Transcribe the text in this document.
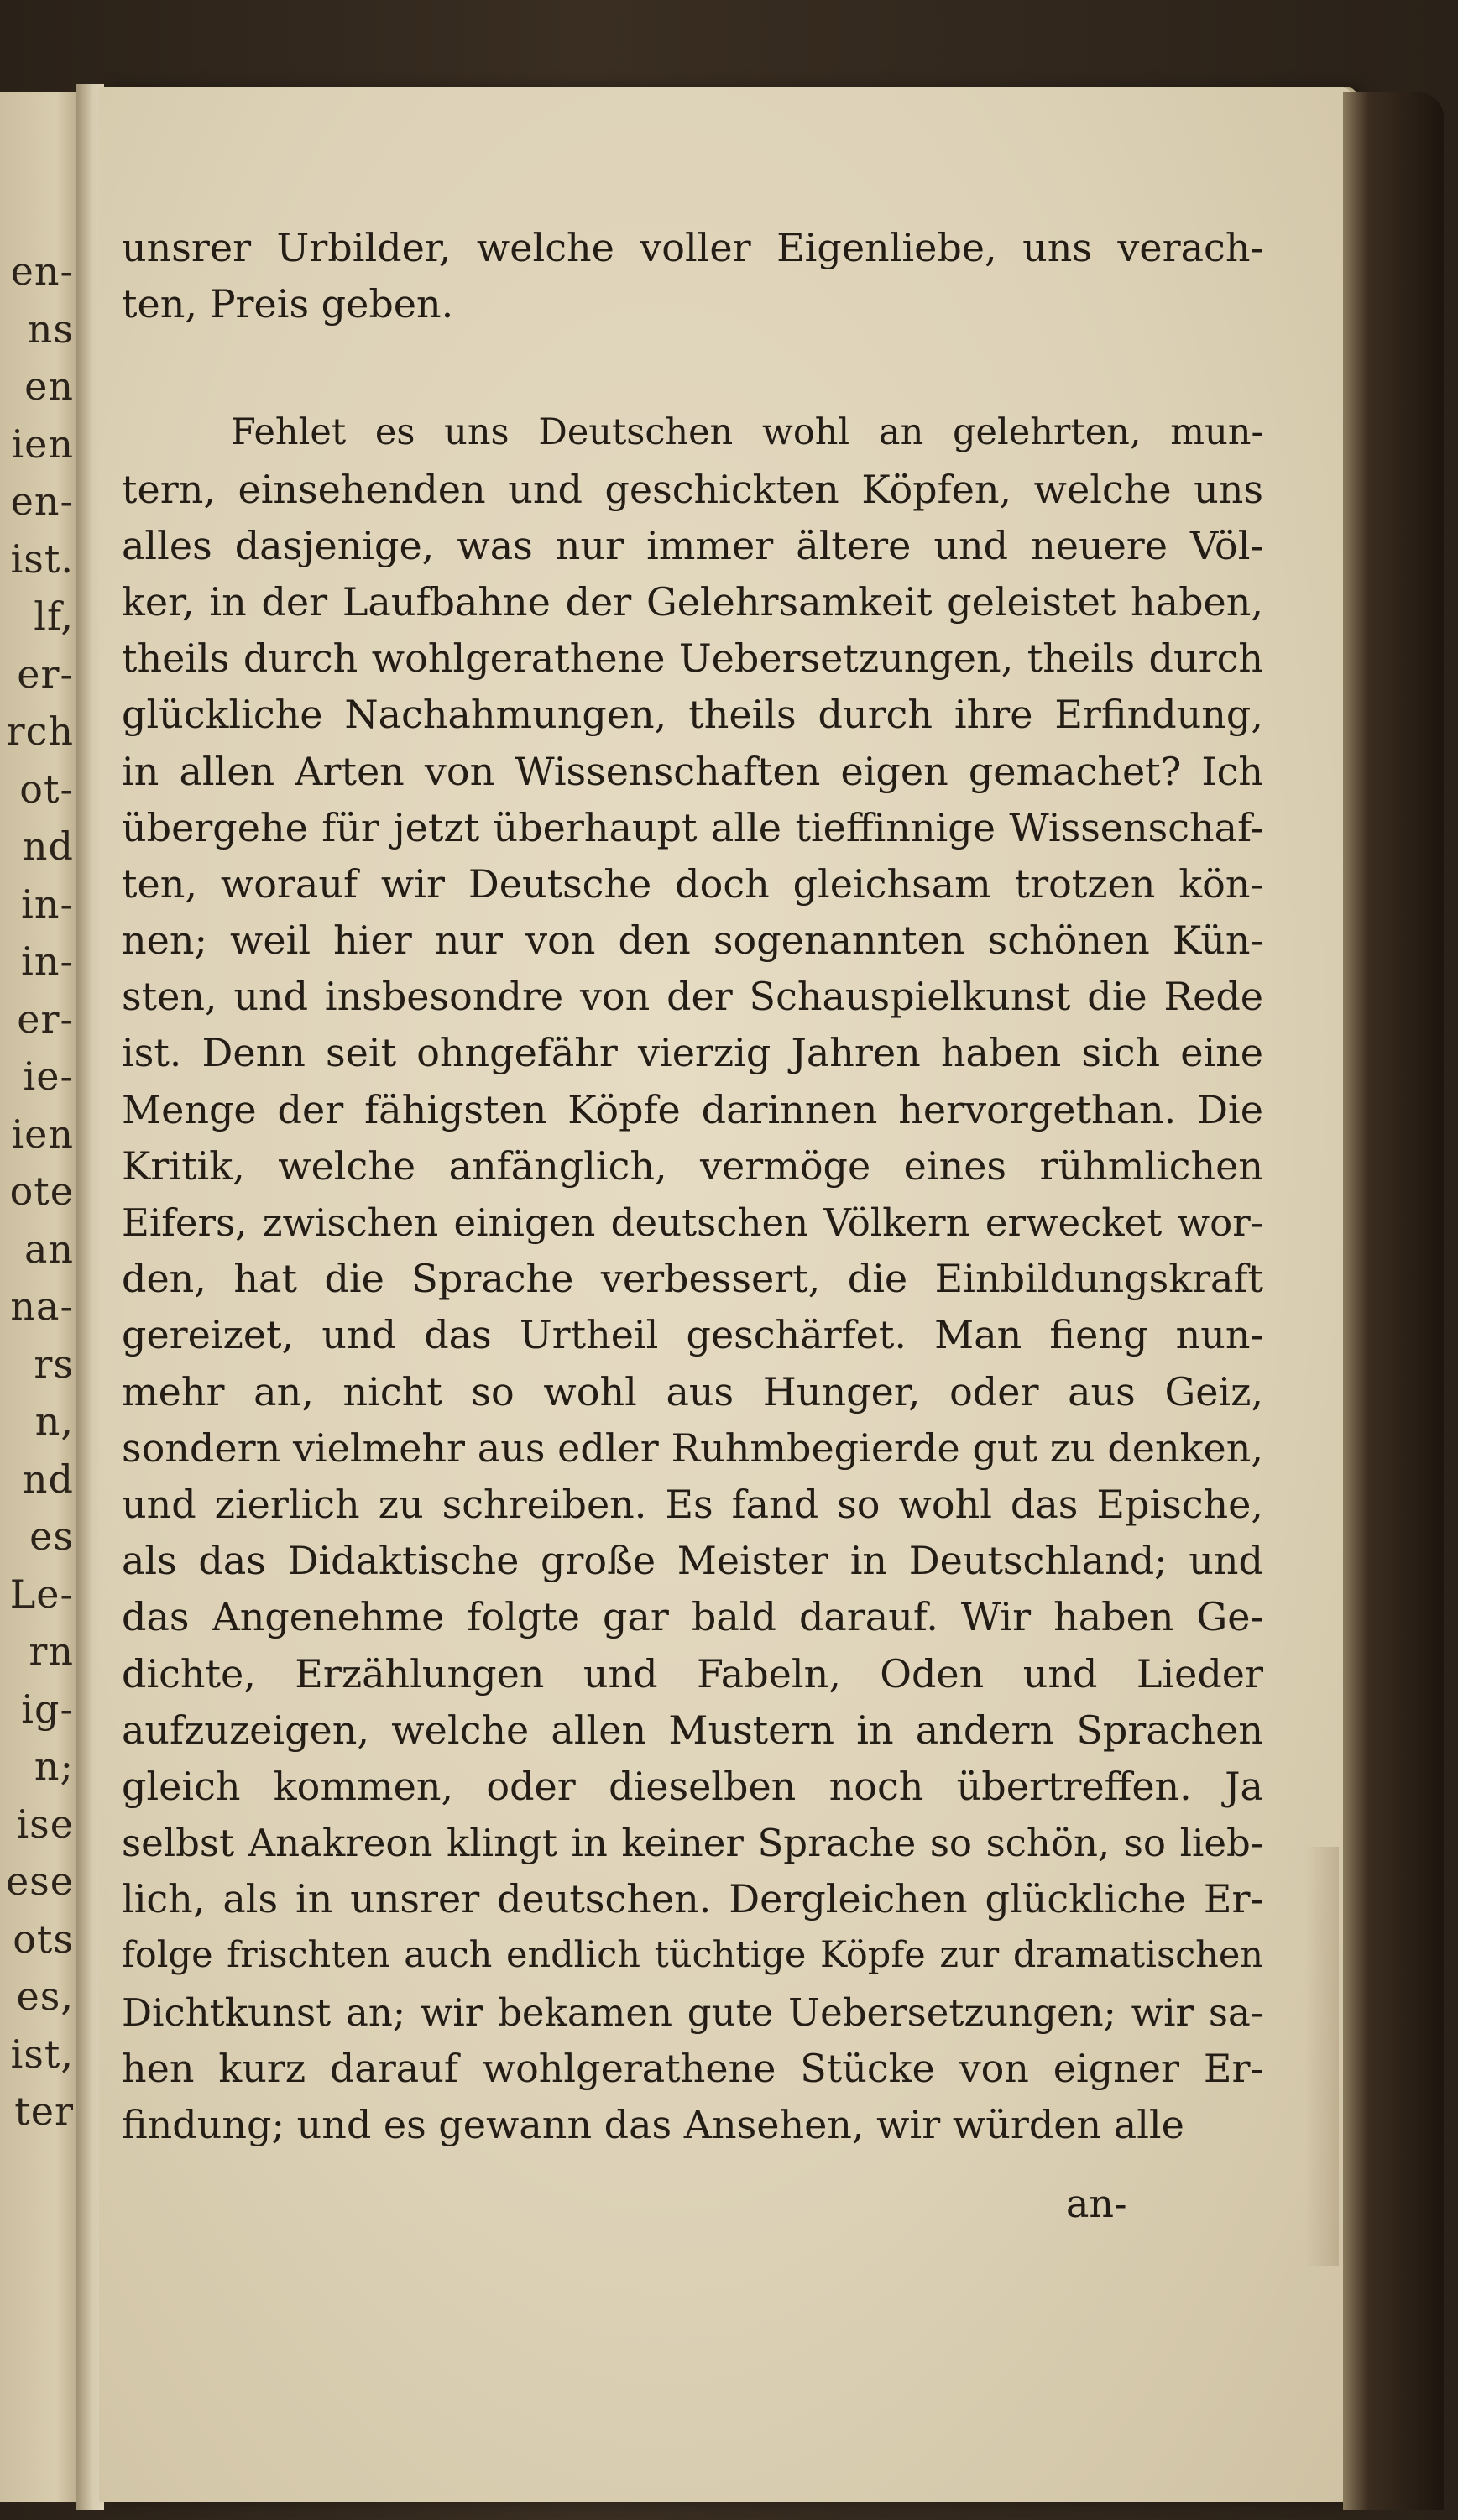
en-
ns
en
ien
en-
ist.
lf,
er-
rch
ot-
nd
in-
in-
er-
ie-
ien
ote
an
na-
rs
n,
nd
es
Le-
rn
ig-
n;
ise
ese
ots
es,
ist,
ter
unsrer Urbilder, welche voller Eigenliebe, uns verach-
ten, Preis geben.
Fehlet es uns Deutschen wohl an gelehrten, mun-
tern, einsehenden und geschickten Köpfen, welche uns
alles dasjenige, was nur immer ältere und neuere Völ-
ker, in der Laufbahne der Gelehrsamkeit geleistet haben,
theils durch wohlgerathene Uebersetzungen, theils durch
glückliche Nachahmungen, theils durch ihre Erfindung,
in allen Arten von Wissenschaften eigen gemachet? Ich
übergehe für jetzt überhaupt alle tieffinnige Wissenschaf-
ten, worauf wir Deutsche doch gleichsam trotzen kön-
nen; weil hier nur von den sogenannten schönen Kün-
sten, und insbesondre von der Schauspielkunst die Rede
ist. Denn seit ohngefähr vierzig Jahren haben sich eine
Menge der fähigsten Köpfe darinnen hervorgethan. Die
Kritik, welche anfänglich, vermöge eines rühmlichen
Eifers, zwischen einigen deutschen Völkern erwecket wor-
den, hat die Sprache verbessert, die Einbildungskraft
gereizet, und das Urtheil geschärfet. Man fieng nun-
mehr an, nicht so wohl aus Hunger, oder aus Geiz,
sondern vielmehr aus edler Ruhmbegierde gut zu denken,
und zierlich zu schreiben. Es fand so wohl das Epische,
als das Didaktische große Meister in Deutschland; und
das Angenehme folgte gar bald darauf. Wir haben Ge-
dichte, Erzählungen und Fabeln, Oden und Lieder
aufzuzeigen, welche allen Mustern in andern Sprachen
gleich kommen, oder dieselben noch übertreffen. Ja
selbst Anakreon klingt in keiner Sprache so schön, so lieb-
lich, als in unsrer deutschen. Dergleichen glückliche Er-
folge frischten auch endlich tüchtige Köpfe zur dramatischen
Dichtkunst an; wir bekamen gute Uebersetzungen; wir sa-
hen kurz darauf wohlgerathene Stücke von eigner Er-
findung; und es gewann das Ansehen, wir würden alle
an-
